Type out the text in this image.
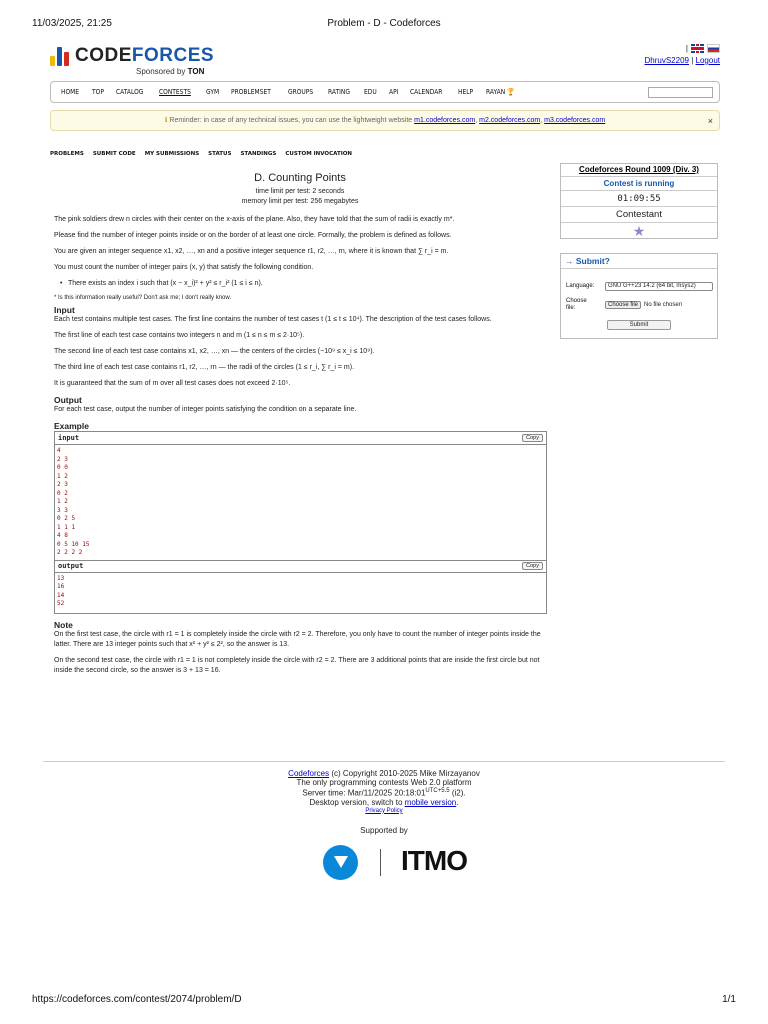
11/03/2025, 21:25	Problem - D - Codeforces
CODEFORCES
Sponsored by TON
|
DhruvS2209 | Logout
HOME TOP CATALOG CONTESTS GYM PROBLEMSET GROUPS RATING EDU API CALENDAR HELP RAYAN 🏆
ℹ Reminder: in case of any technical issues, you can use the lightweight website m1.codeforces.com, m2.codeforces.com, m3.codeforces.com	×
PROBLEMS SUBMIT CODE MY SUBMISSIONS STATUS STANDINGS CUSTOM INVOCATION
D. Counting Points
time limit per test: 2 seconds
memory limit per test: 256 megabytes
The pink soldiers drew n circles with their center on the x-axis of the plane. Also, they have told that the sum of radii is exactly m*.
Please find the number of integer points inside or on the border of at least one circle. Formally, the problem is defined as follows.
You are given an integer sequence x1, x2, …, xn and a positive integer sequence r1, r2, …, rn, where it is known that ∑ r_i = m.
You must count the number of integer pairs (x, y) that satisfy the following condition.
• There exists an index i such that (x − x_i)² + y² ≤ r_i² (1 ≤ i ≤ n).
* Is this information really useful? Don't ask me; I don't really know.
Input
Each test contains multiple test cases. The first line contains the number of test cases t (1 ≤ t ≤ 10⁴). The description of the test cases follows.
The first line of each test case contains two integers n and m (1 ≤ n ≤ m ≤ 2·10⁵).
The second line of each test case contains x1, x2, …, xn — the centers of the circles (−10⁹ ≤ x_i ≤ 10⁹).
The third line of each test case contains r1, r2, …, rn — the radii of the circles (1 ≤ r_i, ∑ r_i = m).
It is guaranteed that the sum of m over all test cases does not exceed 2·10⁵.
Output
For each test case, output the number of integer points satisfying the condition on a separate line.
Example
input	Copy
4
2 3
0 0
1 2
2 3
0 2
1 2
3 3
0 2 5
1 1 1
4 8
0 5 10 15
2 2 2 2
output	Copy
13
16
14
52
Note
On the first test case, the circle with r1 = 1 is completely inside the circle with r2 = 2. Therefore, you only have to count the number of integer points inside the latter. There are 13 integer points such that x² + y² ≤ 2², so the answer is 13.
On the second test case, the circle with r1 = 1 is not completely inside the circle with r2 = 2. There are 3 additional points that are inside the first circle but not inside the second circle, so the answer is 3 + 13 = 16.
Codeforces Round 1009 (Div. 3)
Contest is running
01:09:55
Contestant
★
→ Submit?
Language:	GNU G++23 14.2 (64 bit, msys2)
Choose file:	Choose file	No file chosen
Submit
Codeforces (c) Copyright 2010-2025 Mike Mirzayanov
The only programming contests Web 2.0 platform
Server time: Mar/11/2025 $20:18:01^{UTC+5.5}$ (i2).
Desktop version, switch to mobile version.
Privacy Policy
Supported by
ITMO
https://codeforces.com/contest/2074/problem/D	1/1
